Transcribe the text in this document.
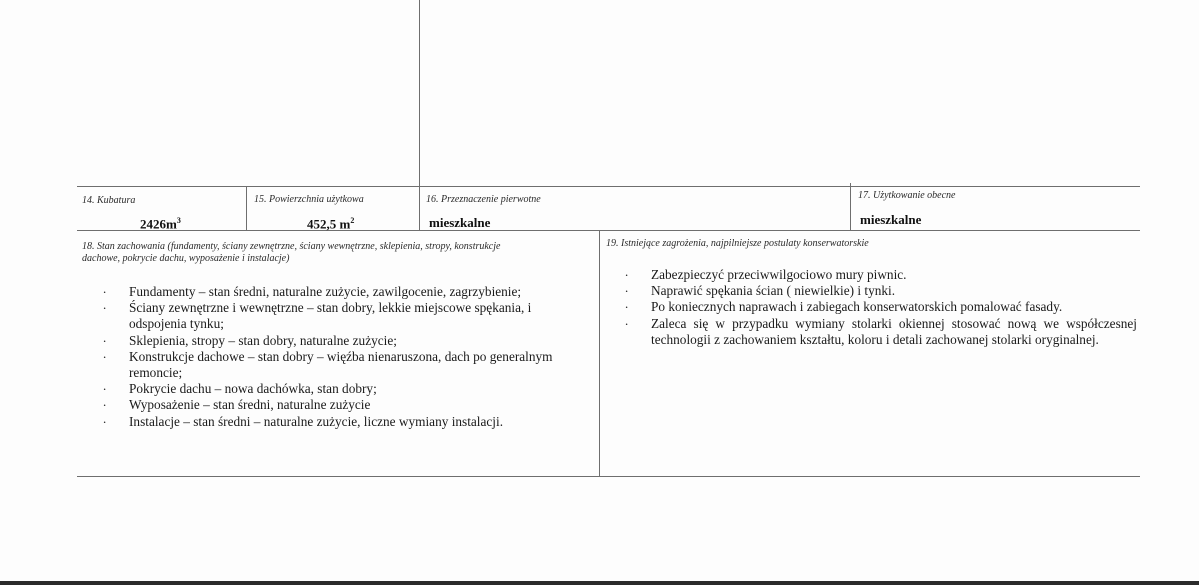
14. Kubatura
$2426m^3$
15. Powierzchnia użytkowa
452,5 $m^2$
16. Przeznaczenie pierwotne
mieszkalne
17. Użytkowanie obecne
mieszkalne
18. Stan zachowania (fundamenty, ściany zewnętrzne, ściany wewnętrzne, sklepienia, stropy, konstrukcje
dachowe, pokrycie dachu, wyposażenie i instalacje)
. Fundamenty – stan średni, naturalne zużycie, zawilgocenie, zagrzybienie;
. Ściany zewnętrzne i wewnętrzne – stan dobry, lekkie miejscowe spękania, i odspojenia tynku;
. Sklepienia, stropy – stan dobry, naturalne zużycie;
. Konstrukcje dachowe – stan dobry – więźba nienaruszona, dach po generalnym remoncie;
. Pokrycie dachu – nowa dachówka, stan dobry;
. Wyposażenie – stan średni, naturalne zużycie
. Instalacje – stan średni – naturalne zużycie, liczne wymiany instalacji.
19. Istniejące zagrożenia, najpilniejsze postulaty konserwatorskie
. Zabezpieczyć przeciwwilgociowo mury piwnic.
. Naprawić spękania ścian ( niewielkie) i tynki.
. Po koniecznych naprawach i zabiegach konserwatorskich pomalować fasady.
. Zaleca się w przypadku wymiany stolarki okiennej stosować nową we współczesnej technologii z zachowaniem kształtu, koloru i detali zachowanej stolarki oryginalnej.
